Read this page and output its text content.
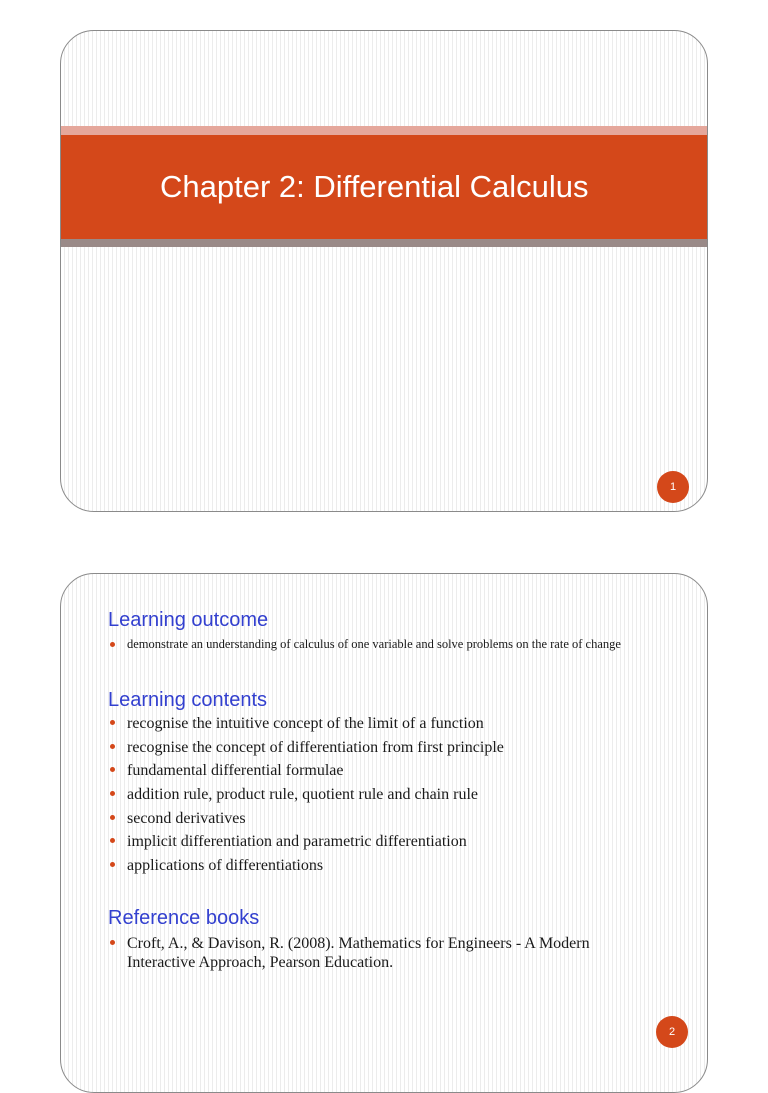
Chapter 2: Differential Calculus
1
Learning outcome
demonstrate an understanding of calculus of one variable and solve problems on the rate of change
Learning contents
recognise the intuitive concept of the limit of a function
recognise the concept of differentiation from first principle
fundamental differential formulae
addition rule, product rule, quotient rule and chain rule
second derivatives
implicit differentiation and parametric differentiation
applications of differentiations
Reference books
Croft, A., & Davison, R. (2008). Mathematics for Engineers - A Modern Interactive Approach, Pearson Education.
2
